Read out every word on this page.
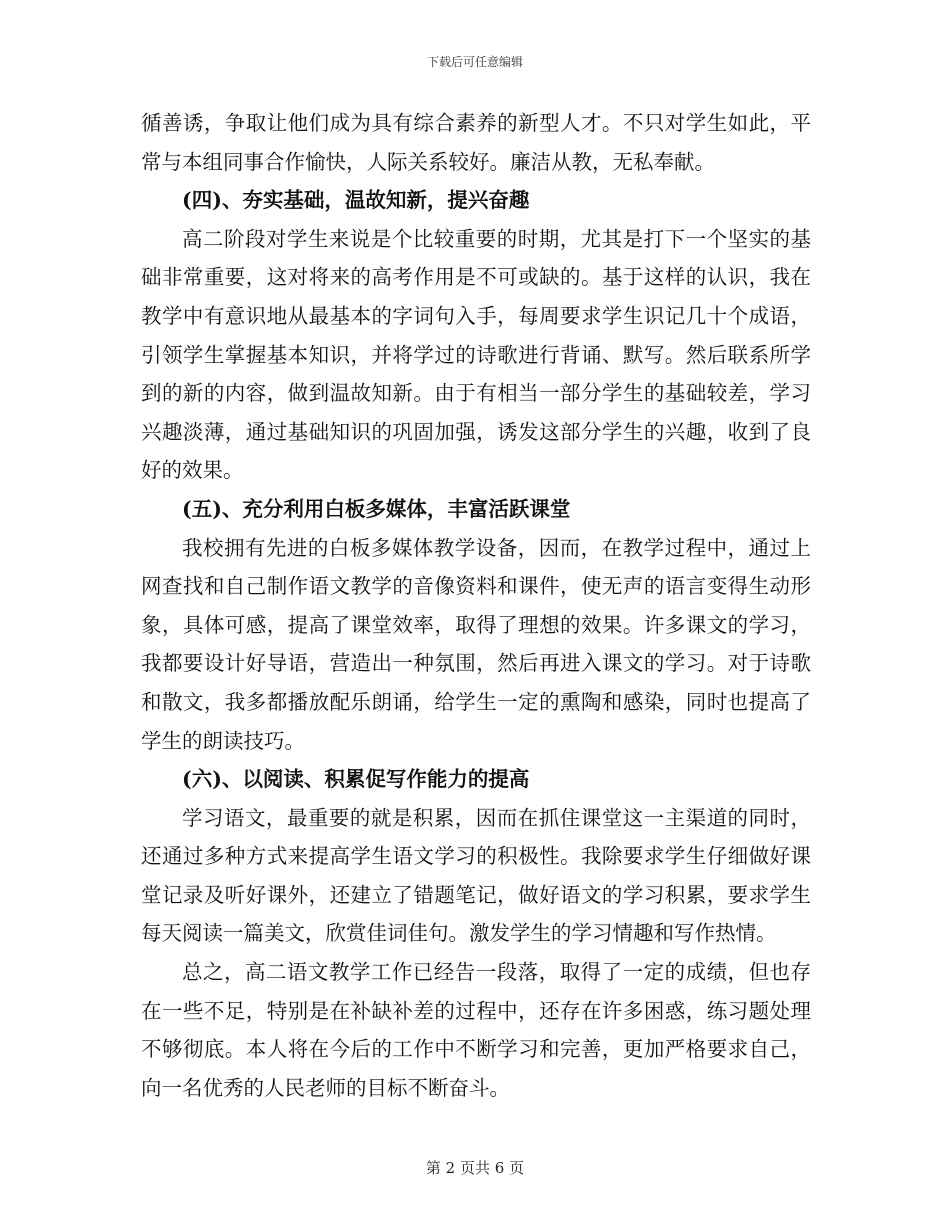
下载后可任意编辑

循善诱，争取让他们成为具有综合素养的新型人才。不只对学生如此，平常与本组同事合作愉快，人际关系较好。廉洁从教，无私奉献。

(四)、夯实基础，温故知新，提兴奋趣

高二阶段对学生来说是个比较重要的时期，尤其是打下一个坚实的基础非常重要，这对将来的高考作用是不可或缺的。基于这样的认识，我在教学中有意识地从最基本的字词句入手，每周要求学生识记几十个成语，引领学生掌握基本知识，并将学过的诗歌进行背诵、默写。然后联系所学到的新的内容，做到温故知新。由于有相当一部分学生的基础较差，学习兴趣淡薄，通过基础知识的巩固加强，诱发这部分学生的兴趣，收到了良好的效果。

(五)、充分利用白板多媒体，丰富活跃课堂

我校拥有先进的白板多媒体教学设备，因而，在教学过程中，通过上网查找和自己制作语文教学的音像资料和课件，使无声的语言变得生动形象，具体可感，提高了课堂效率，取得了理想的效果。许多课文的学习，我都要设计好导语，营造出一种氛围，然后再进入课文的学习。对于诗歌和散文，我多都播放配乐朗诵，给学生一定的熏陶和感染，同时也提高了学生的朗读技巧。

(六)、以阅读、积累促写作能力的提高

学习语文，最重要的就是积累，因而在抓住课堂这一主渠道的同时，还通过多种方式来提高学生语文学习的积极性。我除要求学生仔细做好课堂记录及听好课外，还建立了错题笔记，做好语文的学习积累，要求学生每天阅读一篇美文，欣赏佳词佳句。激发学生的学习情趣和写作热情。

总之，高二语文教学工作已经告一段落，取得了一定的成绩，但也存在一些不足，特别是在补缺补差的过程中，还存在许多困惑，练习题处理不够彻底。本人将在今后的工作中不断学习和完善，更加严格要求自己，向一名优秀的人民老师的目标不断奋斗。

第 2 页共 6 页
